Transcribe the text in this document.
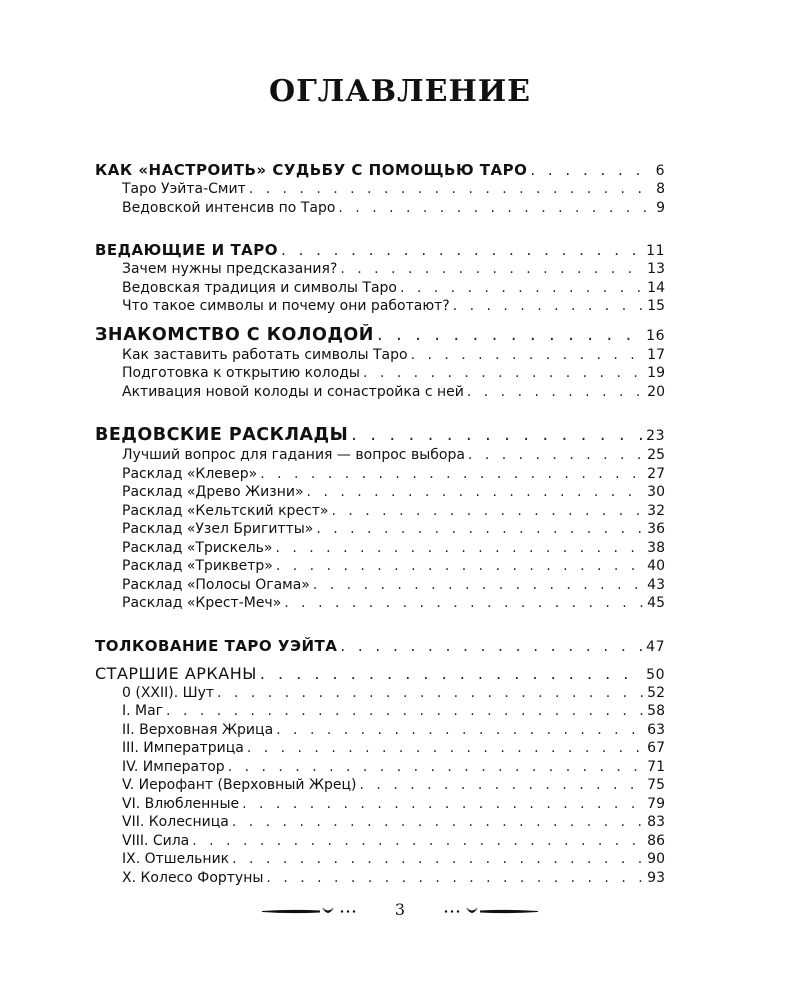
ОГЛАВЛЕНИЕ
КАК «НАСТРОИТЬ» СУДЬБУ С ПОМОЩЬЮ ТАРО . . .	6
Таро Уэйта-Смит . . .	8
Ведовской интенсив по Таро . . .	9
ВЕДАЮЩИЕ И ТАРО . . .	11
Зачем нужны предсказания? . . .	13
Ведовская традиция и символы Таро . . .	14
Что такое символы и почему они работают? . . .	15
ЗНАКОМСТВО С КОЛОДОЙ . . .	16
Как заставить работать символы Таро . . .	17
Подготовка к открытию колоды . . .	19
Активация новой колоды и сонастройка с ней . . .	20
ВЕДОВСКИЕ РАСКЛАДЫ . . .	23
Лучший вопрос для гадания — вопрос выбора . . .	25
Расклад «Клевер» . . .	27
Расклад «Древо Жизни» . . .	30
Расклад «Кельтский крест» . . .	32
Расклад «Узел Бригитты» . . .	36
Расклад «Трискель» . . .	38
Расклад «Трикветр» . . .	40
Расклад «Полосы Огама» . . .	43
Расклад «Крест-Меч» . . .	45
ТОЛКОВАНИЕ ТАРО УЭЙТА . . .	47
СТАРШИЕ АРКАНЫ . . .	50
0 (XXII). Шут . . .	52
I. Маг . . .	58
II. Верховная Жрица . . .	63
III. Императрица . . .	67
IV. Император . . .	71
V. Иерофант (Верховный Жрец) . . .	75
VI. Влюбленные . . .	79
VII. Колесница . . .	83
VIII. Сила . . .	86
IX. Отшельник . . .	90
X. Колесо Фортуны . . .	93
3
